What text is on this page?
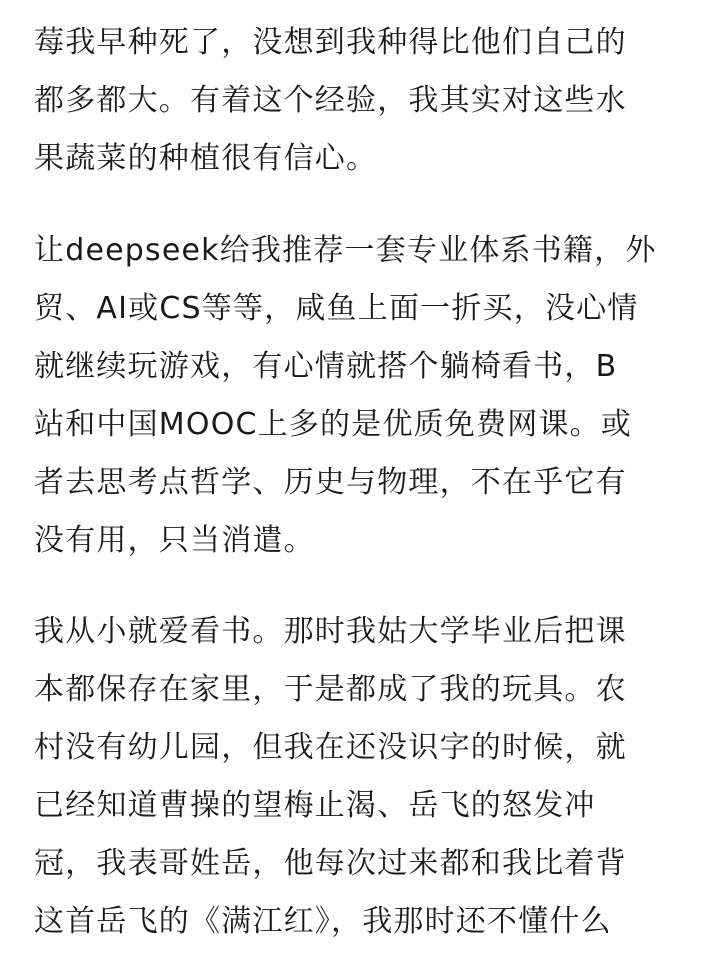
莓我早种死了，没想到我种得比他们自己的
都多都大。有着这个经验，我其实对这些水
果蔬菜的种植很有信心。
让deepseek给我推荐一套专业体系书籍，外
贸、AI或CS等等，咸鱼上面一折买，没心情
就继续玩游戏，有心情就搭个躺椅看书，B
站和中国MOOC上多的是优质免费网课。或
者去思考点哲学、历史与物理，不在乎它有
没有用，只当消遣。
我从小就爱看书。那时我姑大学毕业后把课
本都保存在家里，于是都成了我的玩具。农
村没有幼儿园，但我在还没识字的时候，就
已经知道曹操的望梅止渴、岳飞的怒发冲
冠，我表哥姓岳，他每次过来都和我比着背
这首岳飞的《满江红》，我那时还不懂什么
